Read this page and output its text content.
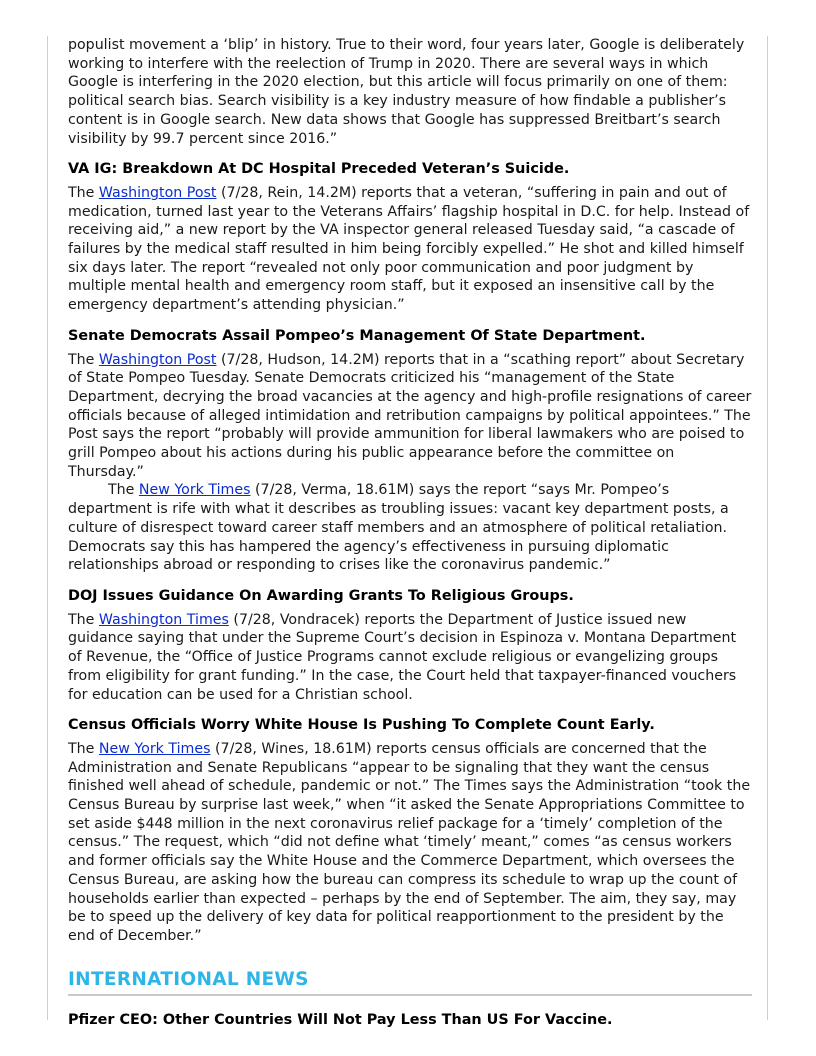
populist movement a ‘blip’ in history. True to their word, four years later, Google is deliberately working to interfere with the reelection of Trump in 2020. There are several ways in which Google is interfering in the 2020 election, but this article will focus primarily on one of them: political search bias. Search visibility is a key industry measure of how findable a publisher’s content is in Google search. New data shows that Google has suppressed Breitbart’s search visibility by 99.7 percent since 2016.”

VA IG: Breakdown At DC Hospital Preceded Veteran’s Suicide.

The Washington Post (7/28, Rein, 14.2M) reports that a veteran, “suffering in pain and out of medication, turned last year to the Veterans Affairs’ flagship hospital in D.C. for help. Instead of receiving aid,” a new report by the VA inspector general released Tuesday said, “a cascade of failures by the medical staff resulted in him being forcibly expelled.” He shot and killed himself six days later. The report “revealed not only poor communication and poor judgment by multiple mental health and emergency room staff, but it exposed an insensitive call by the emergency department’s attending physician.”

Senate Democrats Assail Pompeo’s Management Of State Department.

The Washington Post (7/28, Hudson, 14.2M) reports that in a “scathing report” about Secretary of State Pompeo Tuesday. Senate Democrats criticized his “management of the State Department, decrying the broad vacancies at the agency and high-profile resignations of career officials because of alleged intimidation and retribution campaigns by political appointees.” The Post says the report “probably will provide ammunition for liberal lawmakers who are poised to grill Pompeo about his actions during his public appearance before the committee on Thursday.”

The New York Times (7/28, Verma, 18.61M) says the report “says Mr. Pompeo’s department is rife with what it describes as troubling issues: vacant key department posts, a culture of disrespect toward career staff members and an atmosphere of political retaliation. Democrats say this has hampered the agency’s effectiveness in pursuing diplomatic relationships abroad or responding to crises like the coronavirus pandemic.”

DOJ Issues Guidance On Awarding Grants To Religious Groups.

The Washington Times (7/28, Vondracek) reports the Department of Justice issued new guidance saying that under the Supreme Court’s decision in Espinoza v. Montana Department of Revenue, the “Office of Justice Programs cannot exclude religious or evangelizing groups from eligibility for grant funding.” In the case, the Court held that taxpayer-financed vouchers for education can be used for a Christian school.

Census Officials Worry White House Is Pushing To Complete Count Early.

The New York Times (7/28, Wines, 18.61M) reports census officials are concerned that the Administration and Senate Republicans “appear to be signaling that they want the census finished well ahead of schedule, pandemic or not.” The Times says the Administration “took the Census Bureau by surprise last week,” when “it asked the Senate Appropriations Committee to set aside $448 million in the next coronavirus relief package for a ‘timely’ completion of the census.” The request, which “did not define what ‘timely’ meant,” comes “as census workers and former officials say the White House and the Commerce Department, which oversees the Census Bureau, are asking how the bureau can compress its schedule to wrap up the count of households earlier than expected – perhaps by the end of September. The aim, they say, may be to speed up the delivery of key data for political reapportionment to the president by the end of December.”

INTERNATIONAL NEWS
Pfizer CEO: Other Countries Will Not Pay Less Than US For Vaccine.
